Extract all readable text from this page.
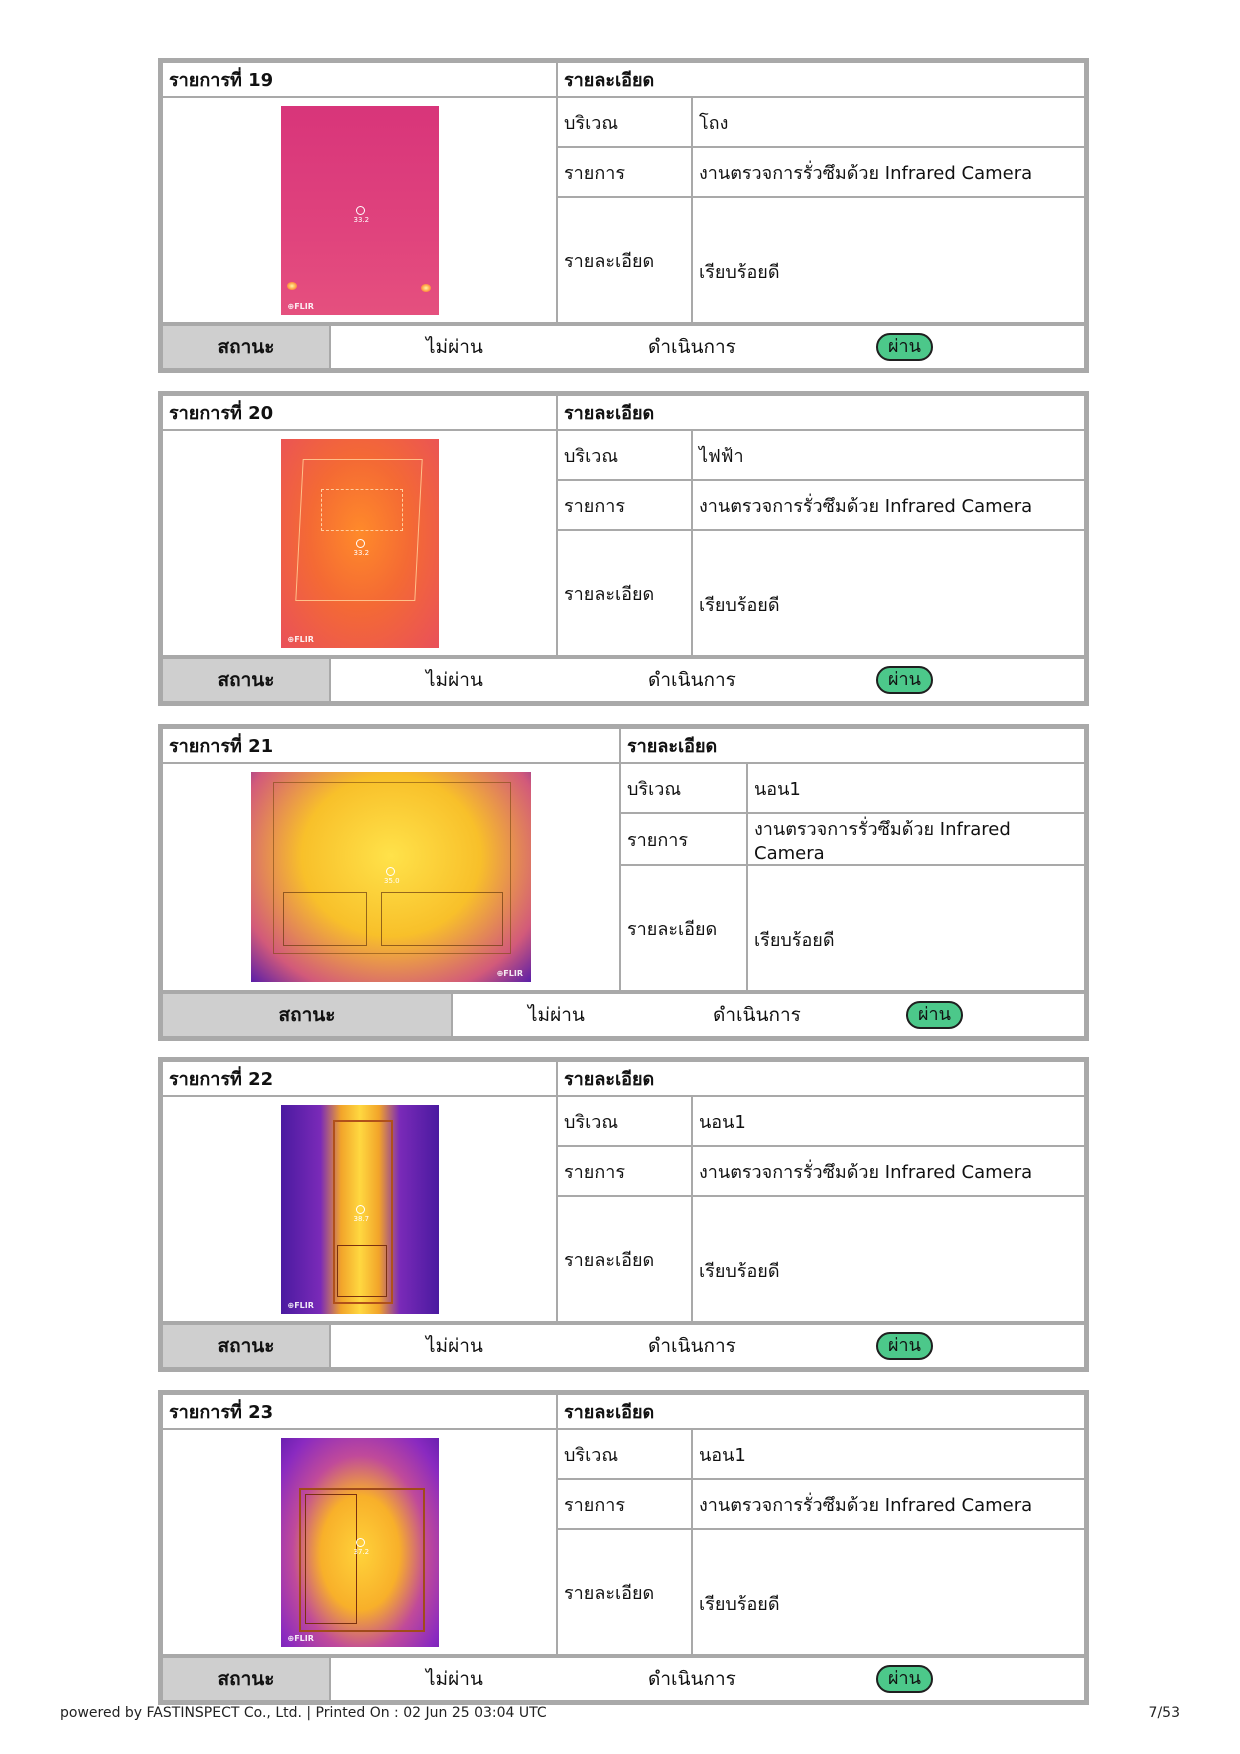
รายการที่ 19	รายละเอียด	

33.2
⊕FLIR	บริเวณ	โถง
	รายการ	งานตรวจการรั่วซึมด้วย Infrared Camera
	รายละเอียด	เรียบร้อยดี
สถานะ	ไม่ผ่าน	ดำเนินการ	ผ่าน
รายการที่ 20	รายละเอียด	

33.2
⊕FLIR	บริเวณ	ไฟฟ้า
	รายการ	งานตรวจการรั่วซึมด้วย Infrared Camera
	รายละเอียด	เรียบร้อยดี
สถานะ	ไม่ผ่าน	ดำเนินการ	ผ่าน
รายการที่ 21	รายละเอียด	

35.0
⊕FLIR	บริเวณ	นอน1
	รายการ	งานตรวจการรั่วซึมด้วย Infrared Camera
	รายละเอียด	เรียบร้อยดี
สถานะ	ไม่ผ่าน	ดำเนินการ	ผ่าน
รายการที่ 22	รายละเอียด	

38.7
⊕FLIR	บริเวณ	นอน1
	รายการ	งานตรวจการรั่วซึมด้วย Infrared Camera
	รายละเอียด	เรียบร้อยดี
สถานะ	ไม่ผ่าน	ดำเนินการ	ผ่าน
รายการที่ 23	รายละเอียด	

37.2
⊕FLIR	บริเวณ	นอน1
	รายการ	งานตรวจการรั่วซึมด้วย Infrared Camera
	รายละเอียด	เรียบร้อยดี
สถานะ	ไม่ผ่าน	ดำเนินการ	ผ่าน
powered by FASTINSPECT Co., Ltd. | Printed On : 02 Jun 25 03:04 UTC	7/53
